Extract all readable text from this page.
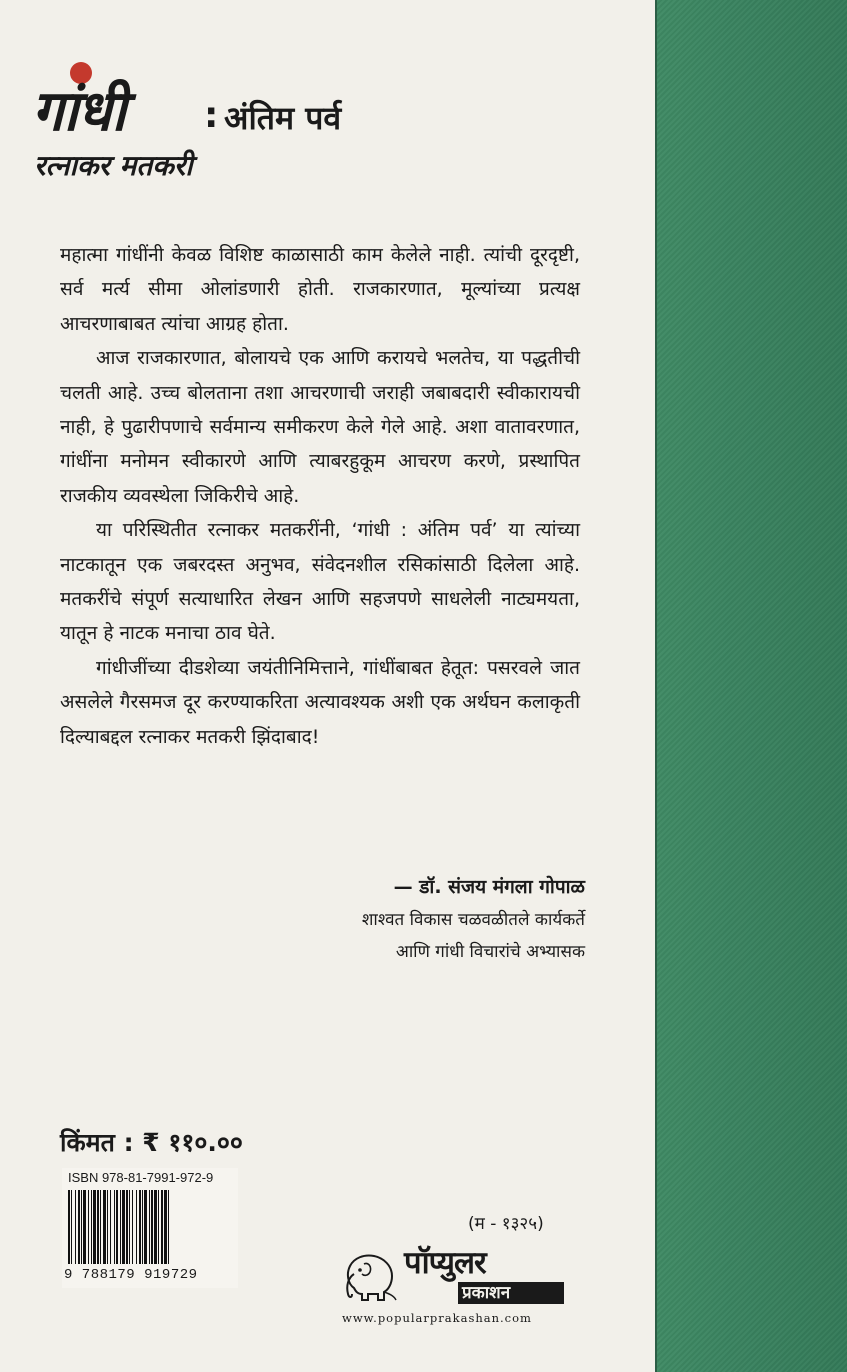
गांधी : अंतिम पर्व
रत्नाकर मतकरी

महात्मा गांधींनी केवळ विशिष्ट काळासाठी काम केलेले नाही. त्यांची दूरदृष्टी, सर्व मर्त्य सीमा ओलांडणारी होती. राजकारणात, मूल्यांच्या प्रत्यक्ष आचरणाबाबत त्यांचा आग्रह होता.

आज राजकारणात, बोलायचे एक आणि करायचे भलतेच, या पद्धतीची चलती आहे. उच्च बोलताना तशा आचरणाची जराही जबाबदारी स्वीकारायची नाही, हे पुढारीपणाचे सर्वमान्य समीकरण केले गेले आहे. अशा वातावरणात, गांधींना मनोमन स्वीकारणे आणि त्याबरहुकूम आचरण करणे, प्रस्थापित राजकीय व्यवस्थेला जिकिरीचे आहे.

या परिस्थितीत रत्नाकर मतकरींनी, ‘गांधी : अंतिम पर्व’ या त्यांच्या नाटकातून एक जबरदस्त अनुभव, संवेदनशील रसिकांसाठी दिलेला आहे. मतकरींचे संपूर्ण सत्याधारित लेखन आणि सहजपणे साधलेली नाट्यमयता, यातून हे नाटक मनाचा ठाव घेते.

गांधीजींच्या दीडशेव्या जयंतीनिमित्ताने, गांधींबाबत हेतूत: पसरवले जात असलेले गैरसमज दूर करण्याकरिता अत्यावश्यक अशी एक अर्थघन कलाकृती दिल्याबद्दल रत्नाकर मतकरी झिंदाबाद!

— डॉ. संजय मंगला गोपाळ
शाश्वत विकास चळवळीतले कार्यकर्ते
आणि गांधी विचारांचे अभ्यासक
किंमत : ₹ ११०.००
ISBN 978-81-7991-972-9
9 788179 919729
(म - १३२५)
पॉप्युलर
प्रकाशन
www.popularprakashan.com
